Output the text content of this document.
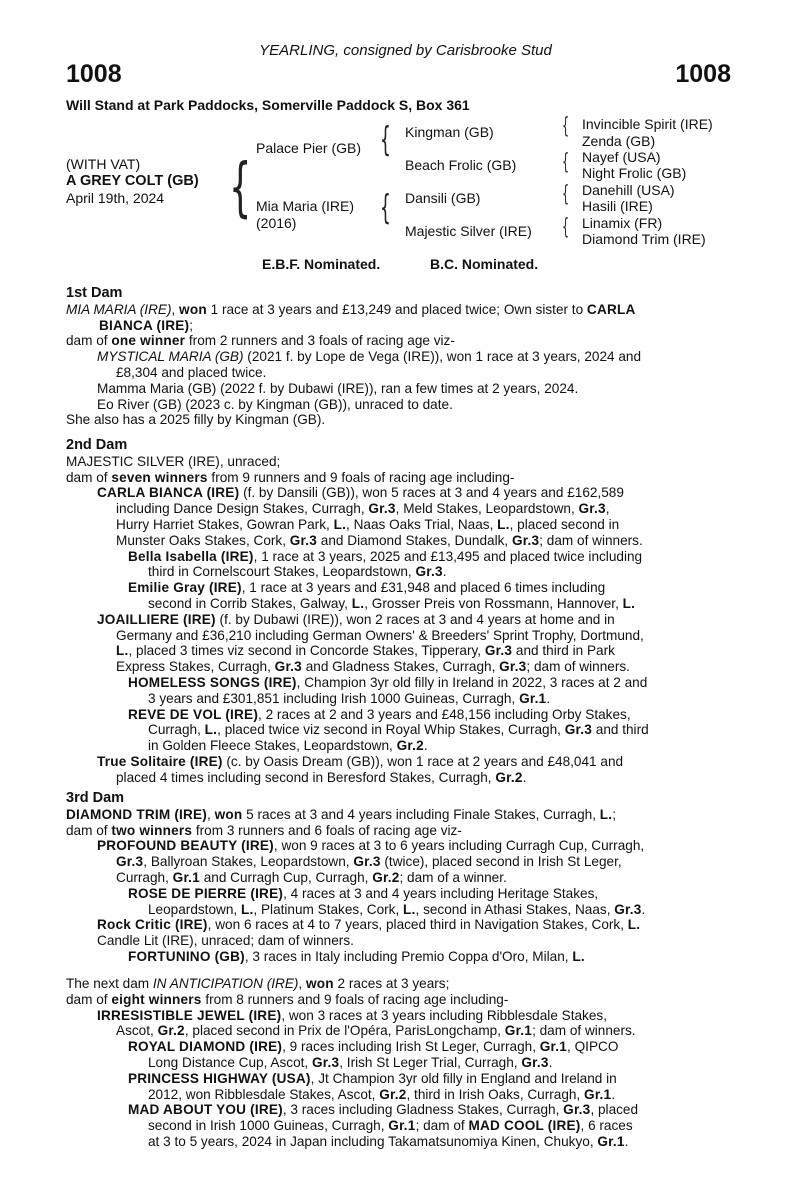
YEARLING, consigned by Carisbrooke Stud
1008	1008
Will Stand at Park Paddocks, Somerville Paddock S, Box 361
(WITH VAT)
A GREY COLT (GB)
April 19th, 2024 {
{
{
{
{
{
{
Palace Pier (GB)
Mia Maria (IRE)
(2016)
Kingman (GB)
Beach Frolic (GB)
Dansili (GB)
Majestic Silver (IRE)
Invincible Spirit (IRE)
Zenda (GB)
Nayef (USA)
Night Frolic (GB)
Danehill (USA)
Hasili (IRE)
Linamix (FR)
Diamond Trim (IRE)
E.B.F. Nominated.	B.C. Nominated.
1st Dam
MIA MARIA (IRE), won 1 race at 3 years and £13,249 and placed twice; Own sister to CARLA
BIANCA (IRE);
dam of one winner from 2 runners and 3 foals of racing age viz-
MYSTICAL MARIA (GB) (2021 f. by Lope de Vega (IRE)), won 1 race at 3 years, 2024 and
£8,304 and placed twice.
Mamma Maria (GB) (2022 f. by Dubawi (IRE)), ran a few times at 2 years, 2024.
Eo River (GB) (2023 c. by Kingman (GB)), unraced to date.
She also has a 2025 filly by Kingman (GB).
2nd Dam
MAJESTIC SILVER (IRE), unraced;
dam of seven winners from 9 runners and 9 foals of racing age including-
CARLA BIANCA (IRE) (f. by Dansili (GB)), won 5 races at 3 and 4 years and £162,589
including Dance Design Stakes, Curragh, Gr.3, Meld Stakes, Leopardstown, Gr.3,
Hurry Harriet Stakes, Gowran Park, L., Naas Oaks Trial, Naas, L., placed second in
Munster Oaks Stakes, Cork, Gr.3 and Diamond Stakes, Dundalk, Gr.3; dam of winners.
Bella Isabella (IRE), 1 race at 3 years, 2025 and £13,495 and placed twice including
third in Cornelscourt Stakes, Leopardstown, Gr.3.
Emilie Gray (IRE), 1 race at 3 years and £31,948 and placed 6 times including
second in Corrib Stakes, Galway, L., Grosser Preis von Rossmann, Hannover, L.
JOAILLIERE (IRE) (f. by Dubawi (IRE)), won 2 races at 3 and 4 years at home and in
Germany and £36,210 including German Owners' & Breeders' Sprint Trophy, Dortmund,
L., placed 3 times viz second in Concorde Stakes, Tipperary, Gr.3 and third in Park
Express Stakes, Curragh, Gr.3 and Gladness Stakes, Curragh, Gr.3; dam of winners.
HOMELESS SONGS (IRE), Champion 3yr old filly in Ireland in 2022, 3 races at 2 and
3 years and £301,851 including Irish 1000 Guineas, Curragh, Gr.1.
REVE DE VOL (IRE), 2 races at 2 and 3 years and £48,156 including Orby Stakes,
Curragh, L., placed twice viz second in Royal Whip Stakes, Curragh, Gr.3 and third
in Golden Fleece Stakes, Leopardstown, Gr.2.
True Solitaire (IRE) (c. by Oasis Dream (GB)), won 1 race at 2 years and £48,041 and
placed 4 times including second in Beresford Stakes, Curragh, Gr.2.
3rd Dam
DIAMOND TRIM (IRE), won 5 races at 3 and 4 years including Finale Stakes, Curragh, L.;
dam of two winners from 3 runners and 6 foals of racing age viz-
PROFOUND BEAUTY (IRE), won 9 races at 3 to 6 years including Curragh Cup, Curragh,
Gr.3, Ballyroan Stakes, Leopardstown, Gr.3 (twice), placed second in Irish St Leger,
Curragh, Gr.1 and Curragh Cup, Curragh, Gr.2; dam of a winner.
ROSE DE PIERRE (IRE), 4 races at 3 and 4 years including Heritage Stakes,
Leopardstown, L., Platinum Stakes, Cork, L., second in Athasi Stakes, Naas, Gr.3.
Rock Critic (IRE), won 6 races at 4 to 7 years, placed third in Navigation Stakes, Cork, L.
Candle Lit (IRE), unraced; dam of winners.
FORTUNINO (GB), 3 races in Italy including Premio Coppa d'Oro, Milan, L.
The next dam IN ANTICIPATION (IRE), won 2 races at 3 years;
dam of eight winners from 8 runners and 9 foals of racing age including-
IRRESISTIBLE JEWEL (IRE), won 3 races at 3 years including Ribblesdale Stakes,
Ascot, Gr.2, placed second in Prix de l'Opéra, ParisLongchamp, Gr.1; dam of winners.
ROYAL DIAMOND (IRE), 9 races including Irish St Leger, Curragh, Gr.1, QIPCO
Long Distance Cup, Ascot, Gr.3, Irish St Leger Trial, Curragh, Gr.3.
PRINCESS HIGHWAY (USA), Jt Champion 3yr old filly in England and Ireland in
2012, won Ribblesdale Stakes, Ascot, Gr.2, third in Irish Oaks, Curragh, Gr.1.
MAD ABOUT YOU (IRE), 3 races including Gladness Stakes, Curragh, Gr.3, placed
second in Irish 1000 Guineas, Curragh, Gr.1; dam of MAD COOL (IRE), 6 races
at 3 to 5 years, 2024 in Japan including Takamatsunomiya Kinen, Chukyo, Gr.1.
